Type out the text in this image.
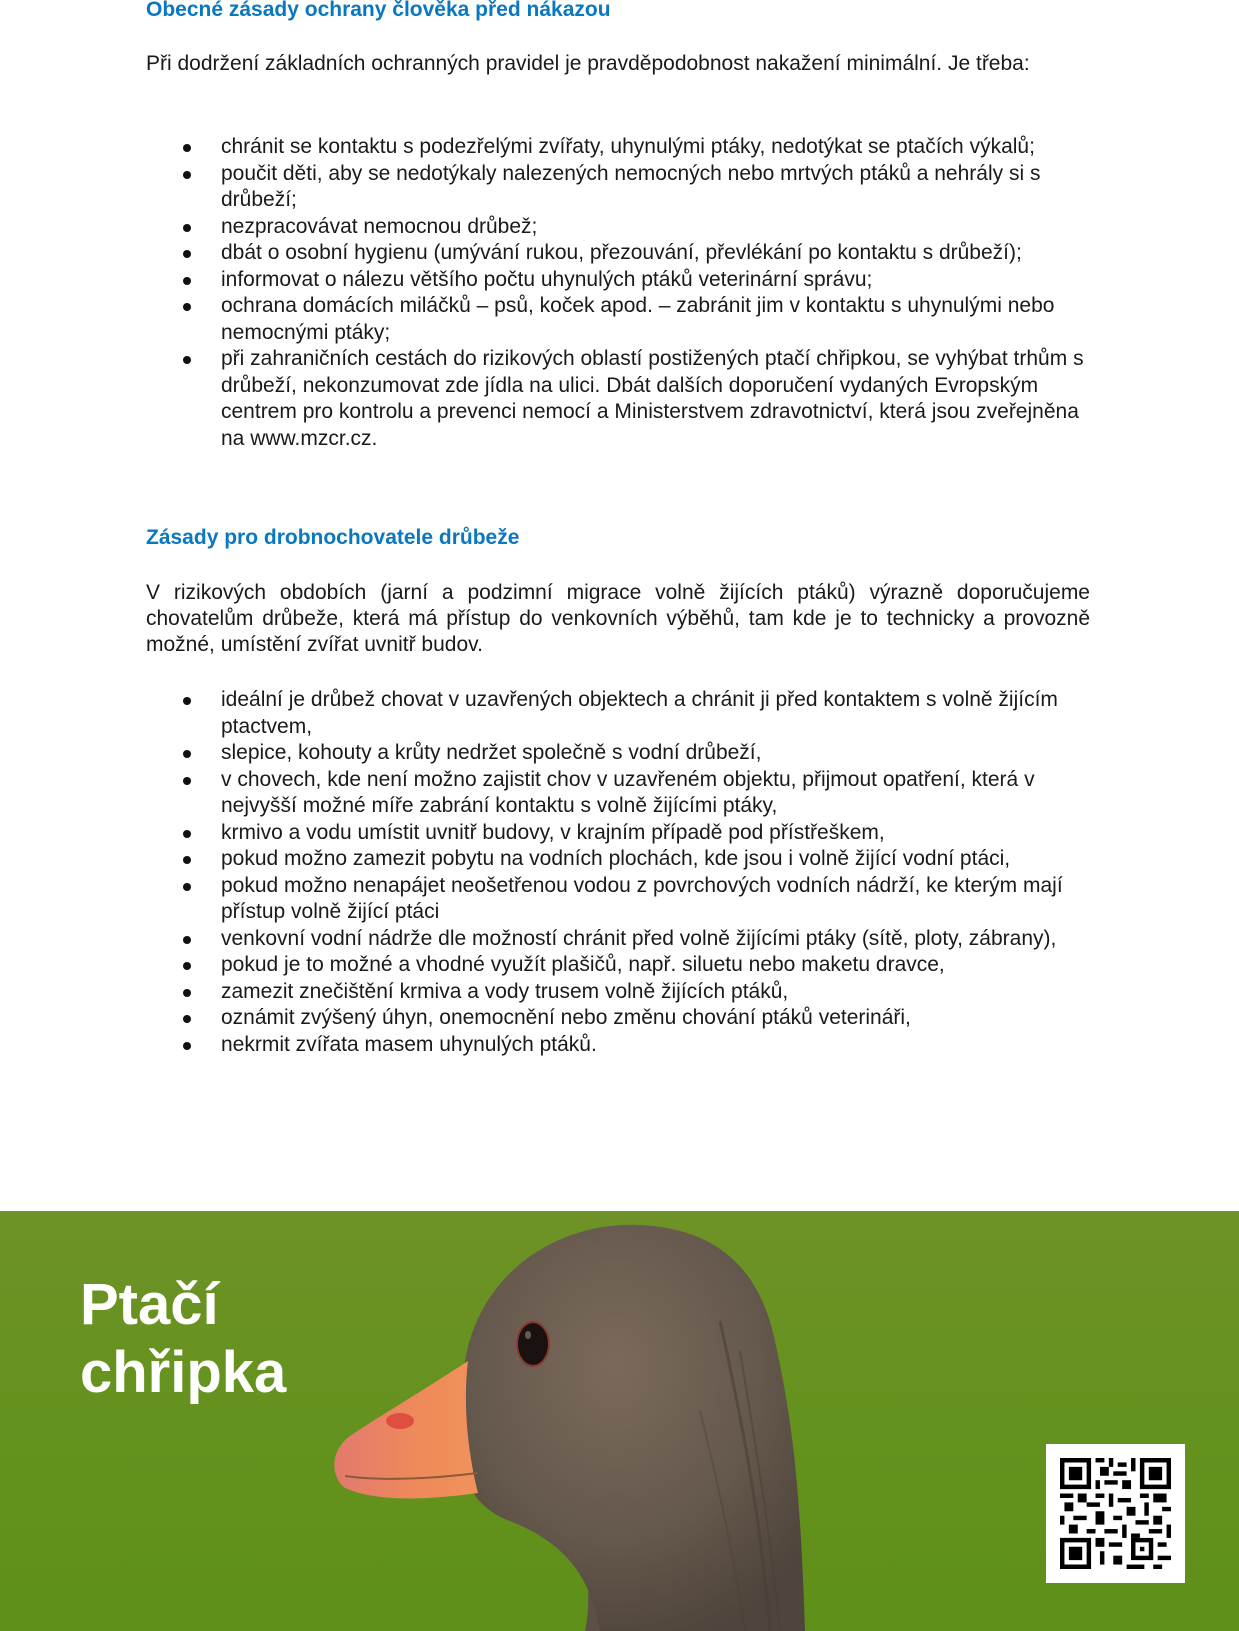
Obecné zásady ochrany člověka před nákazou

Při dodržení základních ochranných pravidel je pravděpodobnost nakažení minimální. Je třeba:

chránit se kontaktu s podezřelými zvířaty, uhynulými ptáky, nedotýkat se ptačích výkalů;
poučit děti, aby se nedotýkaly nalezených nemocných nebo mrtvých ptáků a nehrály si s drůbeží;
nezpracovávat nemocnou drůbež;
dbát o osobní hygienu (umývání rukou, přezouvání, převlékání po kontaktu s drůbeží);
informovat o nálezu většího počtu uhynulých ptáků veterinární správu;
ochrana domácích miláčků – psů, koček apod. – zabránit jim v kontaktu s uhynulými nebo nemocnými ptáky;
při zahraničních cestách do rizikových oblastí postižených ptačí chřipkou, se vyhýbat trhům s drůbeží, nekonzumovat zde jídla na ulici. Dbát dalších doporučení vydaných Evropským centrem pro kontrolu a prevenci nemocí a Ministerstvem zdravotnictví, která jsou zveřejněna na www.mzcr.cz.
Zásady pro drobnochovatele drůbeže

V rizikových obdobích (jarní a podzimní migrace volně žijících ptáků) výrazně doporučujeme chovatelům drůbeže, která má přístup do venkovních výběhů, tam kde je to technicky a provozně možné, umístění zvířat uvnitř budov.

ideální je drůbež chovat v uzavřených objektech a chránit ji před kontaktem s volně žijícím ptactvem,
slepice, kohouty a krůty nedržet společně s vodní drůbeží,
v chovech, kde není možno zajistit chov v uzavřeném objektu, přijmout opatření, která v nejvyšší možné míře zabrání kontaktu s volně žijícími ptáky,
krmivo a vodu umístit uvnitř budovy, v krajním případě pod přístřeškem,
pokud možno zamezit pobytu na vodních plochách, kde jsou i volně žijící vodní ptáci,
pokud možno nenapájet neošetřenou vodou z povrchových vodních nádrží, ke kterým mají přístup volně žijící ptáci
venkovní vodní nádrže dle možností chránit před volně žijícími ptáky (sítě, ploty, zábrany),
pokud je to možné a vhodné využít plašičů, např. siluetu nebo maketu dravce,
zamezit znečištění krmiva a vody trusem volně žijících ptáků,
oznámit zvýšený úhyn, onemocnění nebo změnu chování ptáků veterináři,
nekrmit zvířata masem uhynulých ptáků.
Ptačí
chřipka
